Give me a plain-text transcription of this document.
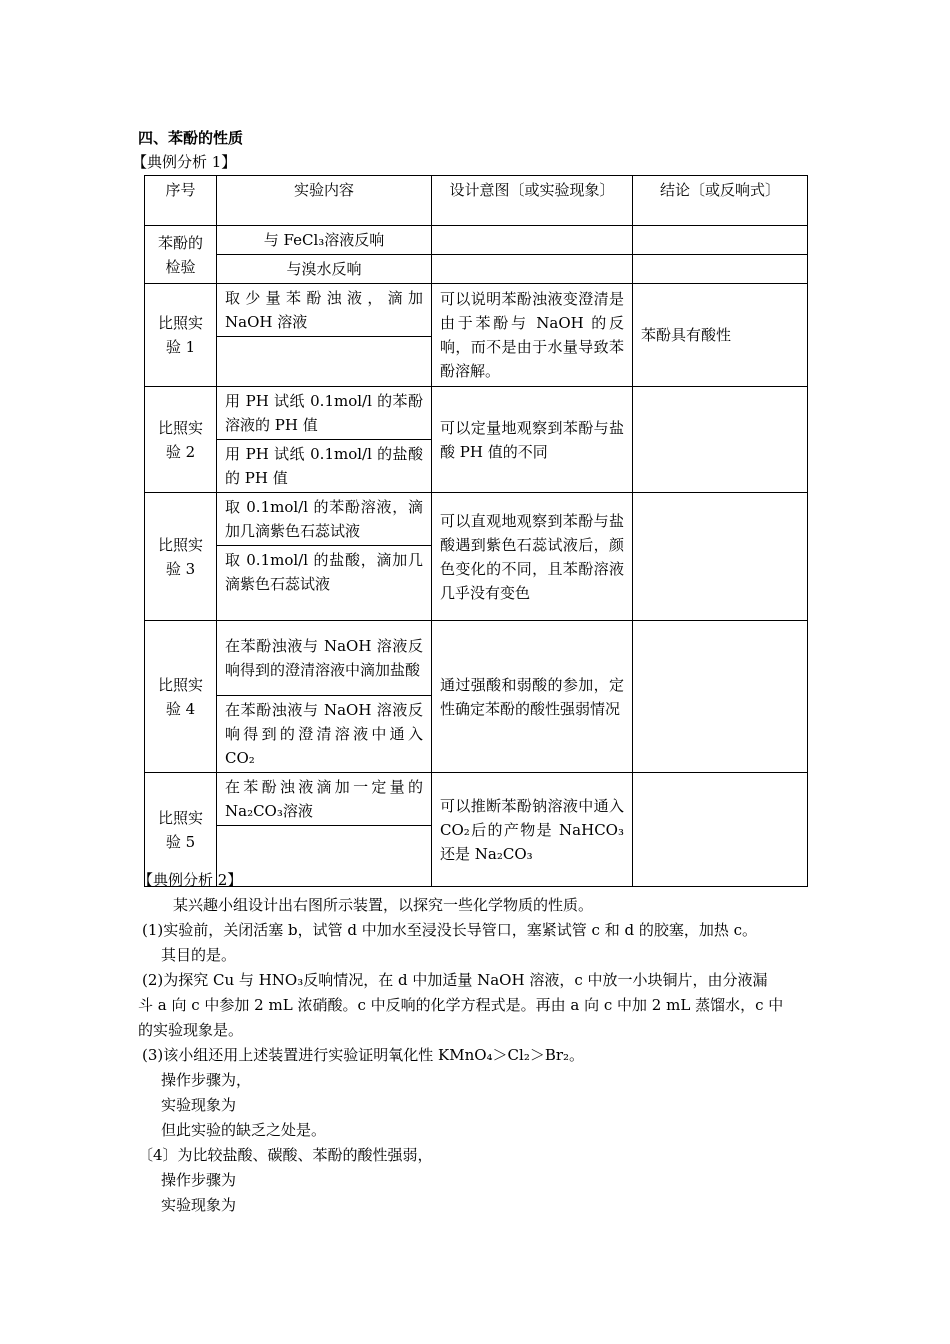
四、苯酚的性质
【典例分析 1】
序号	实验内容	设计意图〔或实验现象〕	结论〔或反响式〕
苯酚的检验	与 FeCl₃溶液反响		
	与溴水反响		
比照实验 1	取少量苯酚浊液，滴加 NaOH 溶液	可以说明苯酚浊液变澄清是由于苯酚与 NaOH 的反响，而不是由于水量导致苯酚溶解。	苯酚具有酸性

比照实验 2	用 PH 试纸 0.1mol/l 的苯酚溶液的 PH 值	可以定量地观察到苯酚与盐酸 PH 值的不同	
	用 PH 试纸 0.1mol/l 的盐酸的 PH 值		
比照实验 3	取 0.1mol/l 的苯酚溶液，滴加几滴紫色石蕊试液	可以直观地观察到苯酚与盐酸遇到紫色石蕊试液后，颜色变化的不同，且苯酚溶液几乎没有变色	
	取 0.1mol/l 的盐酸，滴加几滴紫色石蕊试液		
比照实验 4	在苯酚浊液与 NaOH 溶液反响得到的澄清溶液中滴加盐酸	通过强酸和弱酸的参加，定性确定苯酚的酸性强弱情况	
	在苯酚浊液与 NaOH 溶液反响得到的澄清溶液中通入 CO₂		
比照实验 5	在苯酚浊液滴加一定量的 Na₂CO₃溶液	可以推断苯酚钠溶液中通入 CO₂后的产物是 NaHCO₃还是 Na₂CO₃	

【典例分析 2】
某兴趣小组设计出右图所示装置，以探究一些化学物质的性质。
(1)实验前，关闭活塞 b，试管 d 中加水至浸没长导管口，塞紧试管 c 和 d 的胶塞，加热 c。
其目的是。
(2)为探究 Cu 与 HNO₃反响情况，在 d 中加适量 NaOH 溶液，c 中放一小块铜片，由分液漏
斗 a 向 c 中参加 2 mL 浓硝酸。c 中反响的化学方程式是。再由 a 向 c 中加 2 mL 蒸馏水，c 中
的实验现象是。
(3)该小组还用上述装置进行实验证明氧化性 KMnO₄＞Cl₂＞Br₂。
操作步骤为，
实验现象为
但此实验的缺乏之处是。
〔4〕为比较盐酸、碳酸、苯酚的酸性强弱，
操作步骤为
实验现象为
